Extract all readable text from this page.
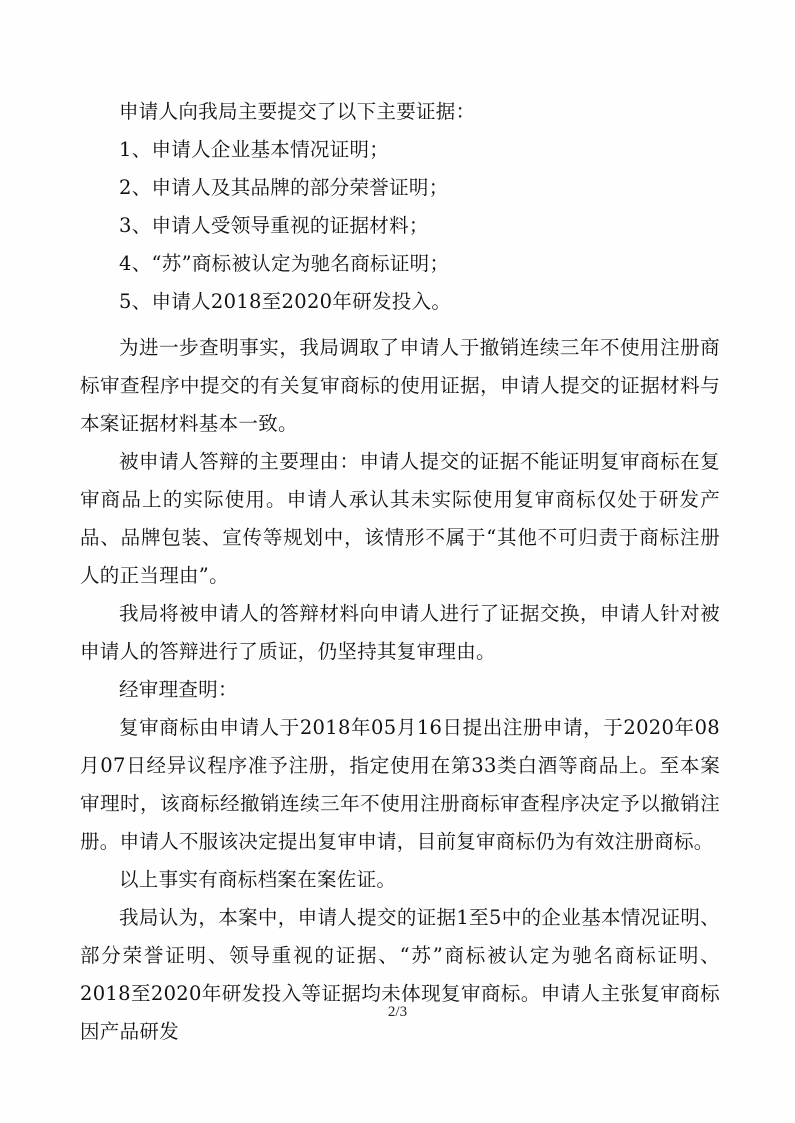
申请人向我局主要提交了以下主要证据：

1、申请人企业基本情况证明；

2、申请人及其品牌的部分荣誉证明；

3、申请人受领导重视的证据材料；

4、“苏”商标被认定为驰名商标证明；

5、申请人2018至2020年研发投入。

为进一步查明事实，我局调取了申请人于撤销连续三年不使用注册商标审查程序中提交的有关复审商标的使用证据，申请人提交的证据材料与本案证据材料基本一致。

被申请人答辩的主要理由：申请人提交的证据不能证明复审商标在复审商品上的实际使用。申请人承认其未实际使用复审商标仅处于研发产品、品牌包装、宣传等规划中，该情形不属于“其他不可归责于商标注册人的正当理由”。

我局将被申请人的答辩材料向申请人进行了证据交换，申请人针对被申请人的答辩进行了质证，仍坚持其复审理由。

经审理查明：

复审商标由申请人于2018年05月16日提出注册申请，于2020年08月07日经异议程序准予注册，指定使用在第33类白酒等商品上。至本案审理时，该商标经撤销连续三年不使用注册商标审查程序决定予以撤销注册。申请人不服该决定提出复审申请，目前复审商标仍为有效注册商标。

以上事实有商标档案在案佐证。

我局认为，本案中，申请人提交的证据1至5中的企业基本情况证明、部分荣誉证明、领导重视的证据、“苏”商标被认定为驰名商标证明、2018至2020年研发投入等证据均未体现复审商标。申请人主张复审商标因产品研发

2/3
